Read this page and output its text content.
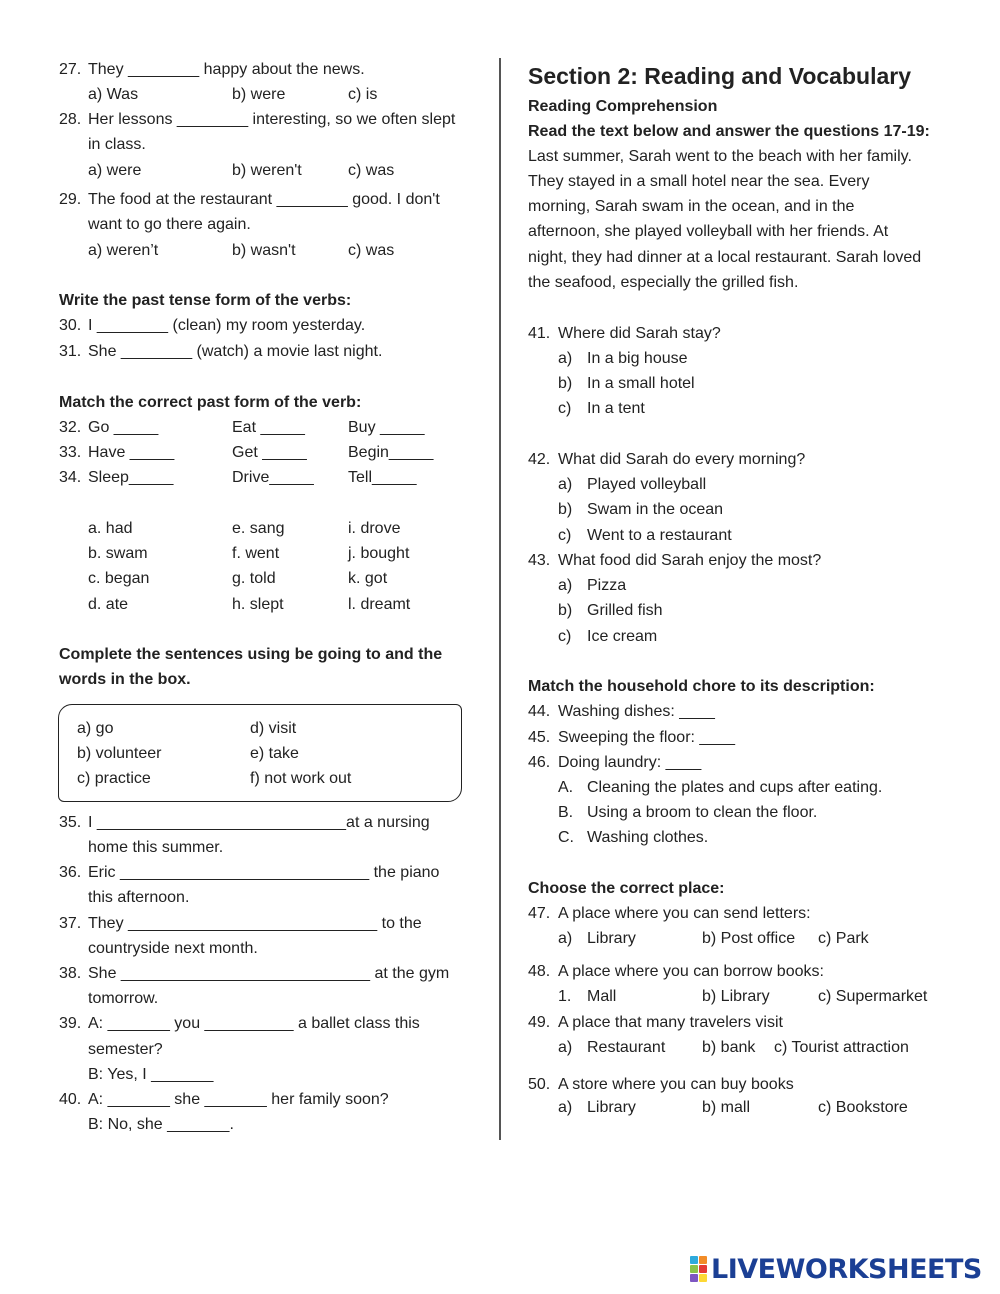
27. They ________ happy about the news.
a) Was	b) were	c) is
28. Her lessons ________ interesting, so we often slept
in class.
a) were	b) weren't	c) was
29. The food at the restaurant ________ good. I don't
want to go there again.
a) weren’t	b) wasn't	c) was
Write the past tense form of the verbs:
30. I ________ (clean) my room yesterday.
31. She ________ (watch) a movie last night.
Match the correct past form of the verb:
32. Go _____	Eat _____	Buy _____
33. Have _____	Get _____	Begin_____
34. Sleep_____	Drive_____ Tell_____
a. had	e. sang	i. drove
b. swam	f. went	j. bought
c. began	g. told	k. got
d. ate	h. slept	l. dreamt
Complete the sentences using be going to and the
words in the box.
a) go	d) visit
b) volunteer	e) take
c) practice	f) not work out
35. I ____________________________at a nursing
home this summer.
36. Eric ____________________________ the piano
this afternoon.
37. They ____________________________ to the
countryside next month.
38. She ____________________________ at the gym
tomorrow.
39. A: _______ you __________ a ballet class this
semester?
B: Yes, I _______
40. A: _______ she _______ her family soon?
B: No, she _______.
Section 2: Reading and Vocabulary
Reading Comprehension
Read the text below and answer the questions 17-19:
Last summer, Sarah went to the beach with her family.
They stayed in a small hotel near the sea. Every
morning, Sarah swam in the ocean, and in the
afternoon, she played volleyball with her friends. At
night, they had dinner at a local restaurant. Sarah loved
the seafood, especially the grilled fish.
41. Where did Sarah stay?
a) In a big house
b) In a small hotel
c) In a tent
42. What did Sarah do every morning?
a) Played volleyball
b) Swam in the ocean
c) Went to a restaurant
43. What food did Sarah enjoy the most?
a) Pizza
b) Grilled fish
c) Ice cream
Match the household chore to its description:
44. Washing dishes: ____
45. Sweeping the floor: ____
46. Doing laundry: ____
A. Cleaning the plates and cups after eating.
B. Using a broom to clean the floor.
C. Washing clothes.
Choose the correct place:
47. A place where you can send letters:
a) Library	b) Post office c) Park
48. A place where you can borrow books:
1. Mall	b) Library	c) Supermarket
49. A place that many travelers visit
a) Restaurant b) bank c) Tourist attraction
50. A store where you can buy books
a) Library	b) mall	c) Bookstore
LIVEWORKSHEETS
